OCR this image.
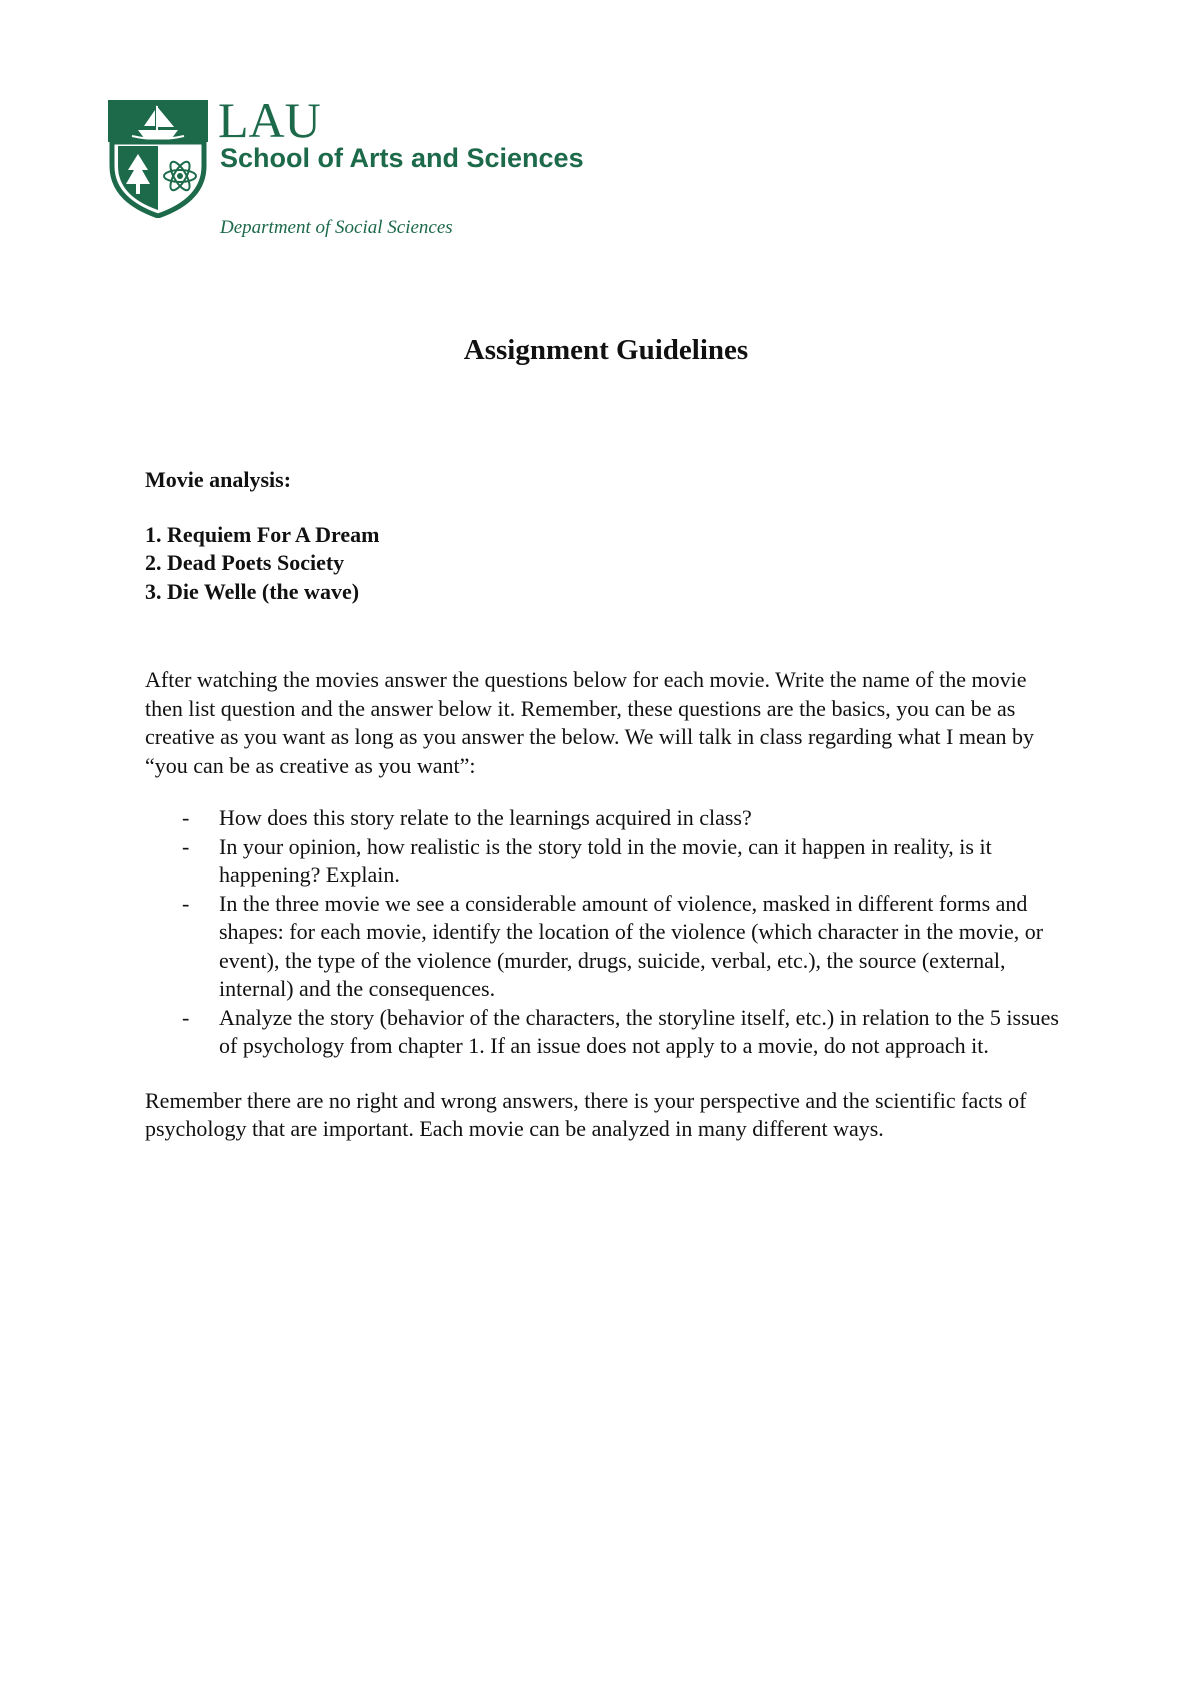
LAU
School of Arts and Sciences
Department of Social Sciences
Assignment Guidelines

Movie analysis:

1. Requiem For A Dream
2. Dead Poets Society
3. Die Welle (the wave)

After watching the movies answer the questions below for each movie. Write the name of the movie then list question and the answer below it. Remember, these questions are the basics, you can be as creative as you want as long as you answer the below. We will talk in class regarding what I mean by “you can be as creative as you want”:

- How does this story relate to the learnings acquired in class?
- In your opinion, how realistic is the story told in the movie, can it happen in reality, is it happening? Explain.
- In the three movie we see a considerable amount of violence, masked in different forms and shapes: for each movie, identify the location of the violence (which character in the movie, or event), the type of the violence (murder, drugs, suicide, verbal, etc.), the source (external, internal) and the consequences.
- Analyze the story (behavior of the characters, the storyline itself, etc.) in relation to the 5 issues of psychology from chapter 1. If an issue does not apply to a movie, do not approach it.

Remember there are no right and wrong answers, there is your perspective and the scientific facts of psychology that are important. Each movie can be analyzed in many different ways.
